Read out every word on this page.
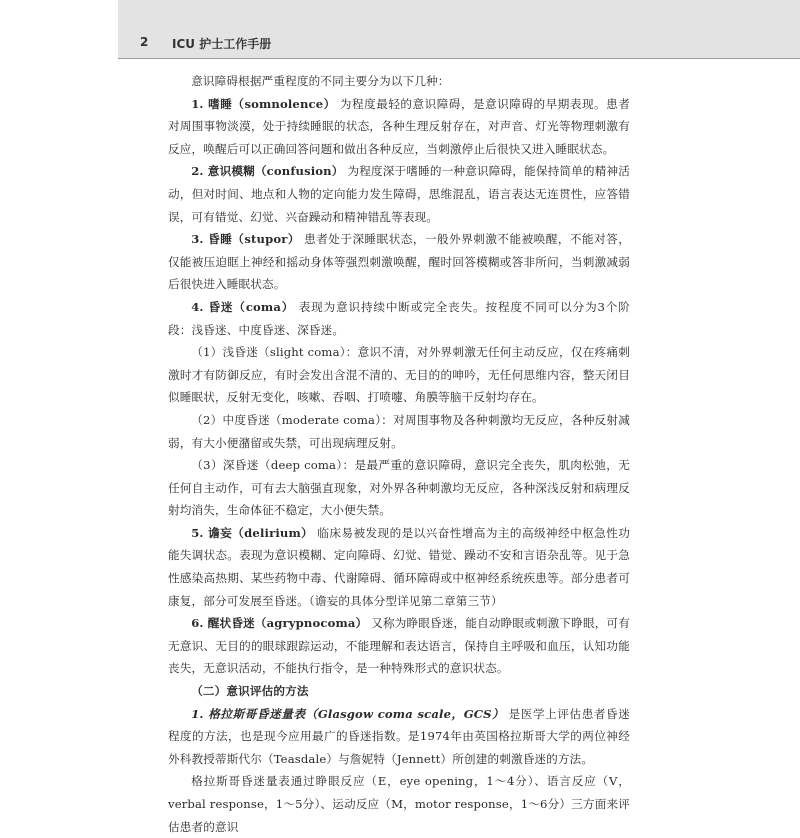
2 ICU 护士工作手册

意识障碍根据严重程度的不同主要分为以下几种：

1. 嗜睡（somnolence） 为程度最轻的意识障碍，是意识障碍的早期表现。患者对周围事物淡漠，处于持续睡眠的状态，各种生理反射存在，对声音、灯光等物理刺激有反应，唤醒后可以正确回答问题和做出各种反应，当刺激停止后很快又进入睡眠状态。

2. 意识模糊（confusion） 为程度深于嗜睡的一种意识障碍，能保持简单的精神活动，但对时间、地点和人物的定向能力发生障碍，思维混乱，语言表达无连贯性，应答错误，可有错觉、幻觉、兴奋躁动和精神错乱等表现。

3. 昏睡（stupor） 患者处于深睡眠状态，一般外界刺激不能被唤醒，不能对答，仅能被压迫眶上神经和摇动身体等强烈刺激唤醒，醒时回答模糊或答非所问，当刺激减弱后很快进入睡眠状态。

4. 昏迷（coma） 表现为意识持续中断或完全丧失。按程度不同可以分为3个阶段：浅昏迷、中度昏迷、深昏迷。

（1）浅昏迷（slight coma）：意识不清，对外界刺激无任何主动反应，仅在疼痛刺激时才有防御反应，有时会发出含混不清的、无目的的呻吟，无任何思维内容，整天闭目似睡眠状，反射无变化，咳嗽、吞咽、打喷嚏、角膜等脑干反射均存在。

（2）中度昏迷（moderate coma）：对周围事物及各种刺激均无反应，各种反射减弱，有大小便潴留或失禁，可出现病理反射。

（3）深昏迷（deep coma）：是最严重的意识障碍，意识完全丧失，肌肉松弛，无任何自主动作，可有去大脑强直现象，对外界各种刺激均无反应，各种深浅反射和病理反射均消失，生命体征不稳定，大小便失禁。

5. 谵妄（delirium） 临床易被发现的是以兴奋性增高为主的高级神经中枢急性功能失调状态。表现为意识模糊、定向障碍、幻觉、错觉、躁动不安和言语杂乱等。见于急性感染高热期、某些药物中毒、代谢障碍、循环障碍或中枢神经系统疾患等。部分患者可康复，部分可发展至昏迷。（谵妄的具体分型详见第二章第三节）

6. 醒状昏迷（agrypnocoma） 又称为睁眼昏迷，能自动睁眼或刺激下睁眼，可有无意识、无目的的眼球跟踪运动，不能理解和表达语言，保持自主呼吸和血压，认知功能丧失，无意识活动，不能执行指令，是一种特殊形式的意识状态。

（二）意识评估的方法

1. 格拉斯哥昏迷量表（Glasgow coma scale，GCS） 是医学上评估患者昏迷程度的方法，也是现今应用最广的昏迷指数。是1974年由英国格拉斯哥大学的两位神经外科教授蒂斯代尔（Teasdale）与詹妮特（Jennett）所创建的刺激昏迷的方法。

格拉斯哥昏迷量表通过睁眼反应（E，eye opening，1～4分）、语言反应（V，verbal response，1～5分）、运动反应（M，motor response，1～6分）三方面来评估患者的意识
